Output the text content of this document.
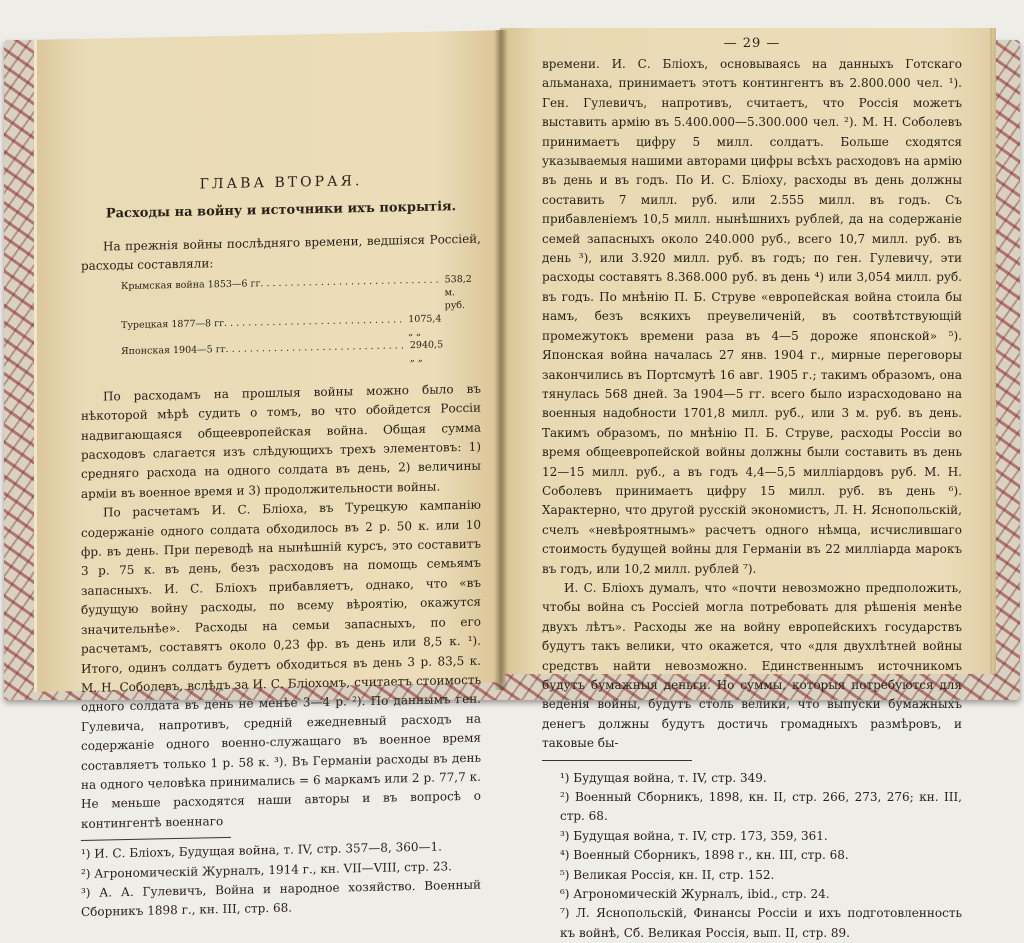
ГЛАВА ВТОРАЯ.
Расходы на войну и источники ихъ покрытія.

На прежнія войны послѣдняго времени, ведшіяся Россіей, расходы составляли:

Крымская война 1853—6 гг. . . .	538,2 м. руб.
Турецкая 1877—8 гг. . . .	1075,4 „ „
Японская 1904—5 гг. . . .	2940,5 „ „

По расходамъ на прошлыя войны можно было въ нѣкоторой мѣрѣ судить о томъ, во что обойдется Россіи надвигающаяся общеевропейская война. Общая сумма расходовъ слагается изъ слѣдующихъ трехъ элементовъ: 1) средняго расхода на одного солдата въ день, 2) величины арміи въ военное время и 3) продолжительности войны.

По расчетамъ И. С. Бліоха, въ Турецкую кампанію содержаніе одного солдата обходилось въ 2 р. 50 к. или 10 фр. въ день. При переводѣ на нынѣшній курсъ, это составитъ 3 р. 75 к. въ день, безъ расходовъ на помощь семьямъ запасныхъ. И. С. Бліохъ прибавляетъ, однако, что «въ будущую войну расходы, по всему вѣроятію, окажутся значительнѣе». Расходы на семьи запасныхъ, по его расчетамъ, составятъ около 0,23 фр. въ день или 8,5 к. ¹). Итого, одинъ солдатъ будетъ обходиться въ день 3 р. 83,5 к. М. Н. Соболевъ, вслѣдъ за И. С. Бліохомъ, считаетъ стоимость одного солдата въ день не менѣе 3—4 р. ²). По даннымъ ген. Гулевича, напротивъ, средній ежедневный расходъ на содержаніе одного военно-служащаго въ военное время составляетъ только 1 р. 58 к. ³). Въ Германіи расходы въ день на одного человѣка принимались = 6 маркамъ или 2 р. 77,7 к. Не меньше расходятся наши авторы и въ вопросѣ о контингентѣ военнаго

¹) И. С. Бліохъ, Будущая война, т. IV, стр. 357—8, 360—1.

²) Агрономическій Журналъ, 1914 г., кн. VII—VIII, стр. 23.

³) А. А. Гулевичъ, Война и народное хозяйство. Военный Сборникъ 1898 г., кн. III, стр. 68.

— 29 —

времени. И. С. Бліохъ, основываясь на данныхъ Готскаго альманаха, принимаетъ этотъ контингентъ въ 2.800.000 чел. ¹). Ген. Гулевичъ, напротивъ, считаетъ, что Россія можетъ выставить армію въ 5.400.000—5.300.000 чел. ²). М. Н. Соболевъ принимаетъ цифру 5 милл. солдатъ. Больше сходятся указываемыя нашими авторами цифры всѣхъ расходовъ на армію въ день и въ годъ. По И. С. Бліоху, расходы въ день должны составить 7 милл. руб. или 2.555 милл. въ годъ. Съ прибавленіемъ 10,5 милл. нынѣшнихъ рублей, да на содержаніе семей запасныхъ около 240.000 руб., всего 10,7 милл. руб. въ день ³), или 3.920 милл. руб. въ годъ; по ген. Гулевичу, эти расходы составятъ 8.368.000 руб. въ день ⁴) или 3,054 милл. руб. въ годъ. По мнѣнію П. Б. Струве «европейская война стоила бы намъ, безъ всякихъ преувеличеній, въ соотвѣтствующій промежутокъ времени раза въ 4—5 дороже японской» ⁵). Японская война началась 27 янв. 1904 г., мирные переговоры закончились въ Портсмутѣ 16 авг. 1905 г.; такимъ образомъ, она тянулась 568 дней. За 1904—5 гг. всего было израсходовано на военныя надобности 1701,8 милл. руб., или 3 м. руб. въ день. Такимъ образомъ, по мнѣнію П. Б. Струве, расходы Россіи во время общеевропейской войны должны были составить въ день 12—15 милл. руб., а въ годъ 4,4—5,5 милліардовъ руб. М. Н. Соболевъ принимаетъ цифру 15 милл. руб. въ день ⁶). Характерно, что другой русскій экономистъ, Л. Н. Яснопольскій, счелъ «невѣроятнымъ» расчетъ одного нѣмца, исчислившаго стоимость будущей войны для Германіи въ 22 милліарда марокъ въ годъ, или 10,2 милл. рублей ⁷).

И. С. Бліохъ думалъ, что «почти невозможно предположить, чтобы война съ Россіей могла потребовать для рѣшенія менѣе двухъ лѣтъ». Расходы же на войну европейскихъ государствъ будутъ такъ велики, что окажется, что «для двухлѣтней войны средствъ найти невозможно. Единственнымъ источникомъ будутъ бумажныя деньги. Но суммы, которыя потребуются для веденія войны, будутъ столь велики, что выпуски бумажныхъ денегъ должны будутъ достичь громадныхъ размѣровъ, и таковые бы-

¹) Будущая война, т. IV, стр. 349.

²) Военный Сборникъ, 1898, кн. II, стр. 266, 273, 276; кн. III, стр. 68.

³) Будущая война, т. IV, стр. 173, 359, 361.

⁴) Военный Сборникъ, 1898 г., кн. III, стр. 68.

⁵) Великая Россія, кн. II, стр. 152.

⁶) Агрономическій Журналъ, ibid., стр. 24.

⁷) Л. Яснопольскій, Финансы Россіи и ихъ подготовленность къ войнѣ, Сб. Великая Россія, вып. II, стр. 89.
